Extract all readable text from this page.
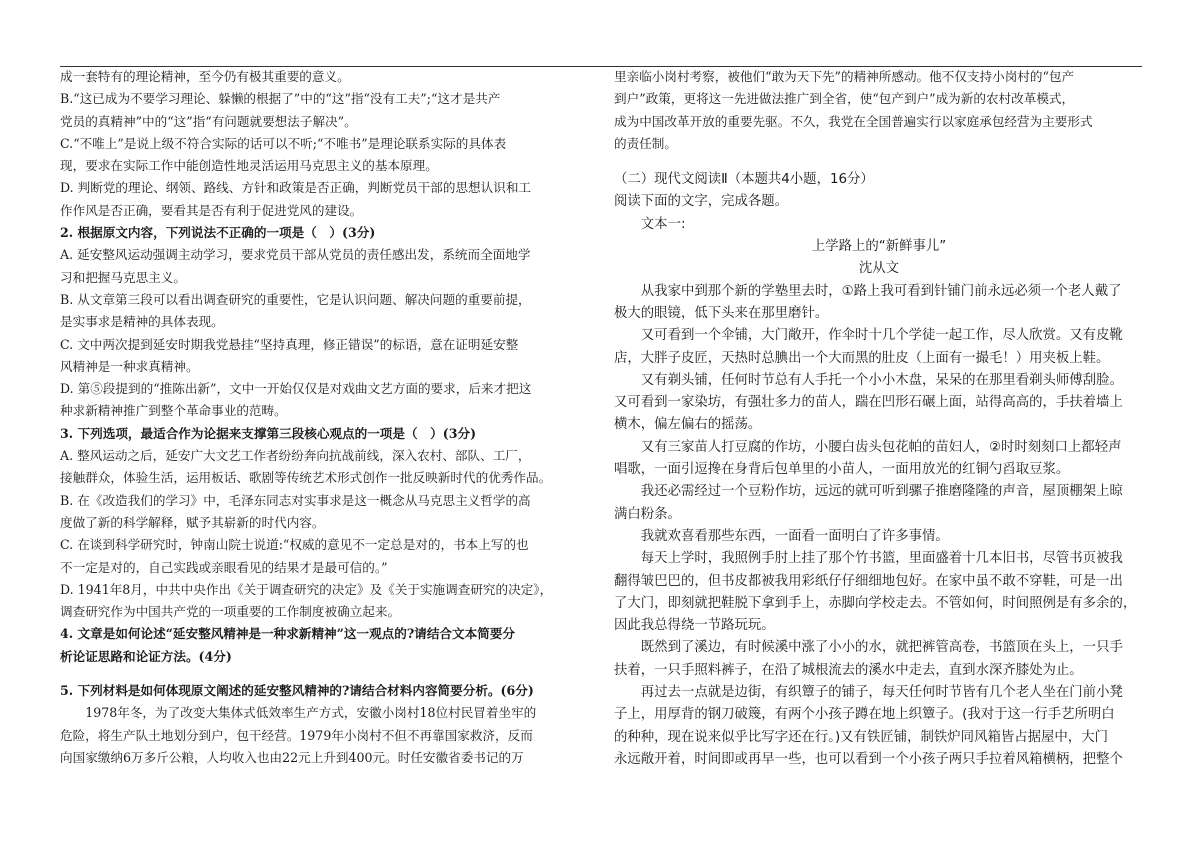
成一套特有的理论精神，至今仍有极其重要的意义。

B.“这已成为不要学习理论、躲懒的根据了”中的“这”指“没有工夫”;“这才是共产

党员的真精神”中的“这”指“有问题就要想法子解决”。

C.“不唯上”是说上级不符合实际的话可以不听;“不唯书”是理论联系实际的具体表

现，要求在实际工作中能创造性地灵活运用马克思主义的基本原理。

D. 判断党的理论、纲领、路线、方针和政策是否正确，判断党员干部的思想认识和工

作作风是否正确，要看其是否有利于促进党风的建设。

2. 根据原文内容，下列说法不正确的一项是（　）(3分)

A. 延安整风运动强调主动学习，要求党员干部从党员的责任感出发，系统而全面地学

习和把握马克思主义。

B. 从文章第三段可以看出调查研究的重要性，它是认识问题、解决问题的重要前提，

是实事求是精神的具体表现。

C. 文中两次提到延安时期我党悬挂“坚持真理，修正错误”的标语，意在证明延安整

风精神是一种求真精神。

D. 第⑤段提到的“推陈出新”，文中一开始仅仅是对戏曲文艺方面的要求，后来才把这

种求新精神推广到整个革命事业的范畴。

3. 下列选项，最适合作为论据来支撑第三段核心观点的一项是（　）(3分)

A. 整风运动之后，延安广大文艺工作者纷纷奔向抗战前线，深入农村、部队、工厂，

接触群众，体验生活，运用板话、歌剧等传统艺术形式创作一批反映新时代的优秀作品。

B. 在《改造我们的学习》中，毛泽东同志对实事求是这一概念从马克思主义哲学的高

度做了新的科学解释，赋予其崭新的时代内容。

C. 在谈到科学研究时，钟南山院士说道:“权威的意见不一定总是对的，书本上写的也

不一定是对的，自己实践或亲眼看见的结果才是最可信的。”

D. 1941年8月，中共中央作出《关于调查研究的决定》及《关于实施调查研究的决定》，

调查研究作为中国共产党的一项重要的工作制度被确立起来。

4. 文章是如何论述“延安整风精神是一种求新精神”这一观点的?请结合文本简要分

析论证思路和论证方法。(4分)

5. 下列材料是如何体现原文阐述的延安整风精神的?请结合材料内容简要分析。(6分)

1978年冬，为了改变大集体式低效率生产方式，安徽小岗村18位村民冒着坐牢的

危险，将生产队土地划分到户，包干经营。1979年小岗村不但不再靠国家救济，反而

向国家缴纳6万多斤公粮，人均收入也由22元上升到400元。时任安徽省委书记的万

里亲临小岗村考察，被他们“敢为天下先”的精神所感动。他不仅支持小岗村的“包产

到户”政策，更将这一先进做法推广到全省，使“包产到户”成为新的农村改革模式，

成为中国改革开放的重要先驱。不久，我党在全国普遍实行以家庭承包经营为主要形式

的责任制。

（二）现代文阅读Ⅱ（本题共4小题，16分）

阅读下面的文字，完成各题。

文本一:

上学路上的“新鲜事儿”

沈从文

从我家中到那个新的学塾里去时，①路上我可看到针铺门前永远必须一个老人戴了

极大的眼镜，低下头来在那里磨针。

又可看到一个伞铺，大门敞开，作伞时十几个学徒一起工作，尽人欣赏。又有皮靴

店，大胖子皮匠，天热时总腆出一个大而黑的肚皮（上面有一撮毛！）用夹板上鞋。

又有剃头铺，任何时节总有人手托一个小小木盘，呆呆的在那里看剃头师傅刮脸。

又可看到一家染坊，有强壮多力的苗人，踹在凹形石碾上面，站得高高的，手扶着墙上

横木，偏左偏右的摇荡。

又有三家苗人打豆腐的作坊，小腰白齿头包花帕的苗妇人，②时时刻刻口上都轻声

唱歌，一面引逗搀在身背后包单里的小苗人，一面用放光的红铜勺舀取豆浆。

我还必需经过一个豆粉作坊，远远的就可听到骡子推磨隆隆的声音，屋顶棚架上晾

满白粉条。

我就欢喜看那些东西，一面看一面明白了许多事情。

每天上学时，我照例手肘上挂了那个竹书篮，里面盛着十几本旧书，尽管书页被我

翻得皱巴巴的，但书皮都被我用彩纸仔仔细细地包好。在家中虽不敢不穿鞋，可是一出

了大门，即刻就把鞋脱下拿到手上，赤脚向学校走去。不管如何，时间照例是有多余的，

因此我总得绕一节路玩玩。

既然到了溪边，有时候溪中涨了小小的水，就把裤管高卷，书篮顶在头上，一只手

扶着，一只手照料裤子，在沿了城根流去的溪水中走去，直到水深齐膝处为止。

再过去一点就是边街，有织簟子的铺子，每天任何时节皆有几个老人坐在门前小凳

子上，用厚背的钢刀破篾，有两个小孩子蹲在地上织簟子。(我对于这一行手艺所明白

的种种，现在说来似乎比写字还在行。)又有铁匠铺，制铁炉同风箱皆占据屋中，大门

永远敞开着，时间即或再早一些，也可以看到一个小孩子两只手拉着风箱横柄，把整个
